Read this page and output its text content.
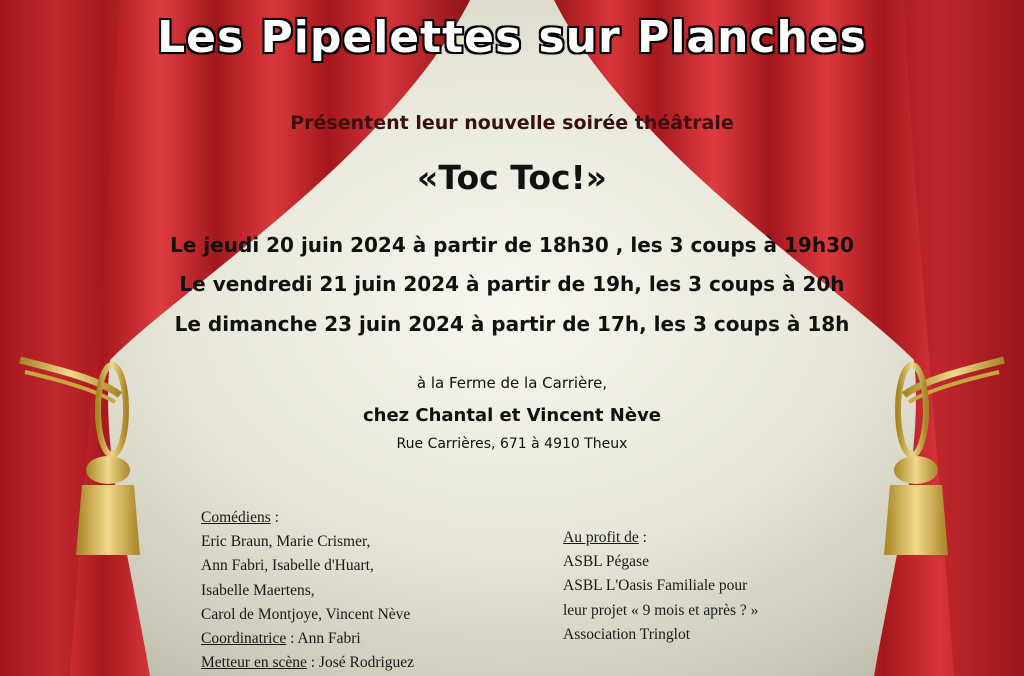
Les Pipelettes sur Planches
Présentent leur nouvelle soirée théâtrale
«Toc Toc!»
Le jeudi 20 juin 2024 à partir de 18h30 , les 3 coups à 19h30
Le vendredi 21 juin 2024 à partir de 19h, les 3 coups à 20h
Le dimanche 23 juin 2024 à partir de 17h, les 3 coups à 18h
à la Ferme de la Carrière,
chez Chantal et Vincent Nève
Rue Carrières, 671 à 4910 Theux
Comédiens :
Eric Braun, Marie Crismer,
Ann Fabri, Isabelle d'Huart,
Isabelle Maertens,
Carol de Montjoye, Vincent Nève
Coordinatrice : Ann Fabri
Metteur en scène : José Rodriguez
Au profit de :
ASBL Pégase
ASBL L'Oasis Familiale pour
leur projet « 9 mois et après ? »
Association Tringlot
